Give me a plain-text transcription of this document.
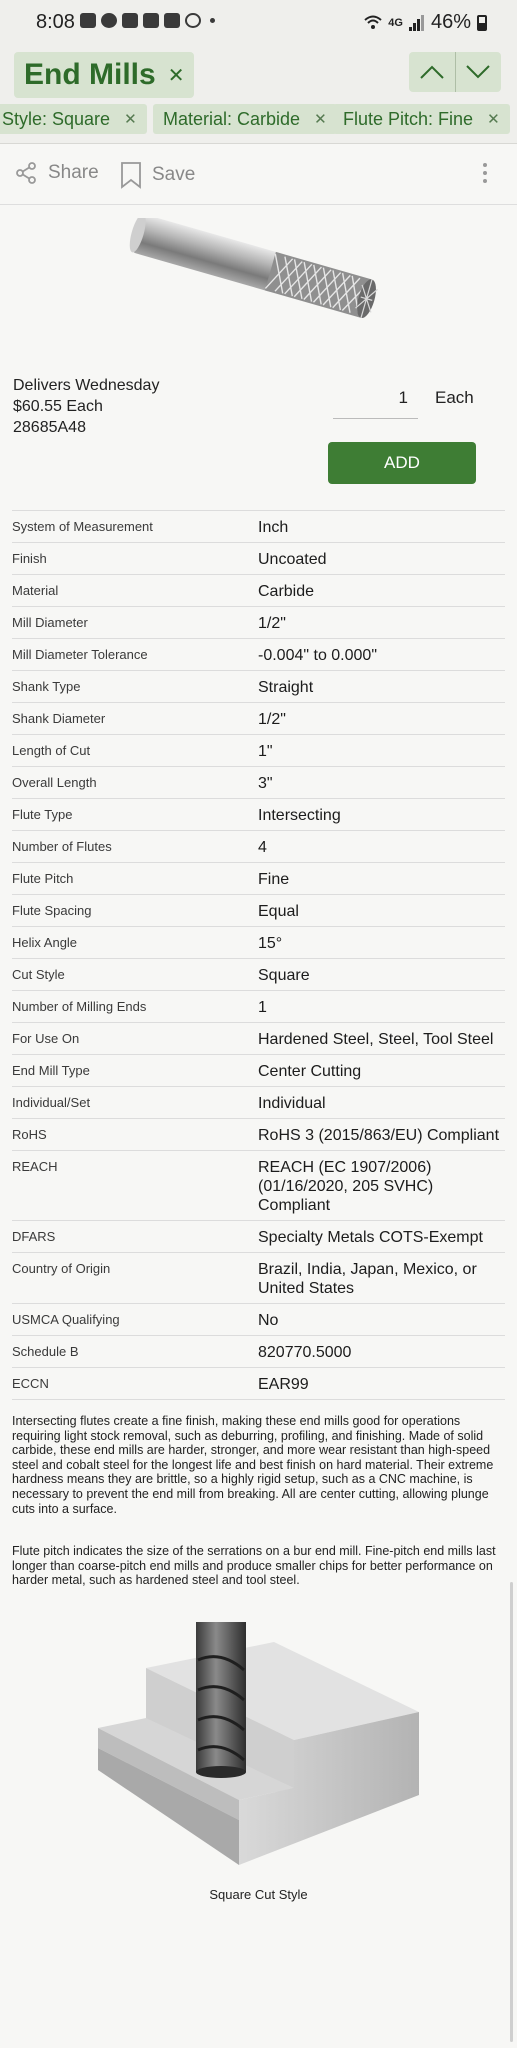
8:08	4G 46%
End Mills ✕
Style: Square ✕ Material: Carbide ✕ Flute Pitch: Fine ✕
Share	Save
Delivers Wednesday
$60.55 Each
28685A48
1	Each
ADD
System of Measurement	Inch
Finish	Uncoated
Material	Carbide
Mill Diameter	1/2"
Mill Diameter Tolerance	-0.004" to 0.000"
Shank Type	Straight
Shank Diameter	1/2"
Length of Cut	1"
Overall Length	3"
Flute Type	Intersecting
Number of Flutes	4
Flute Pitch	Fine
Flute Spacing	Equal
Helix Angle	15°
Cut Style	Square
Number of Milling Ends	1
For Use On	Hardened Steel, Steel, Tool Steel
End Mill Type	Center Cutting
Individual/Set	Individual
RoHS	RoHS 3 (2015/863/EU) Compliant
REACH	REACH (EC 1907/2006) (01/16/2020, 205 SVHC) Compliant
DFARS	Specialty Metals COTS-Exempt
Country of Origin	Brazil, India, Japan, Mexico, or United States
USMCA Qualifying	No
Schedule B	820770.5000
ECCN	EAR99

Intersecting flutes create a fine finish, making these end mills good for operations requiring light stock removal, such as deburring, profiling, and finishing. Made of solid carbide, these end mills are harder, stronger, and more wear resistant than high-speed steel and cobalt steel for the longest life and best finish on hard material. Their extreme hardness means they are brittle, so a highly rigid setup, such as a CNC machine, is necessary to prevent the end mill from breaking. All are center cutting, allowing plunge cuts into a surface.

Flute pitch indicates the size of the serrations on a bur end mill. Fine-pitch end mills last longer than coarse-pitch end mills and produce smaller chips for better performance on harder metal, such as hardened steel and tool steel.

Square Cut Style
